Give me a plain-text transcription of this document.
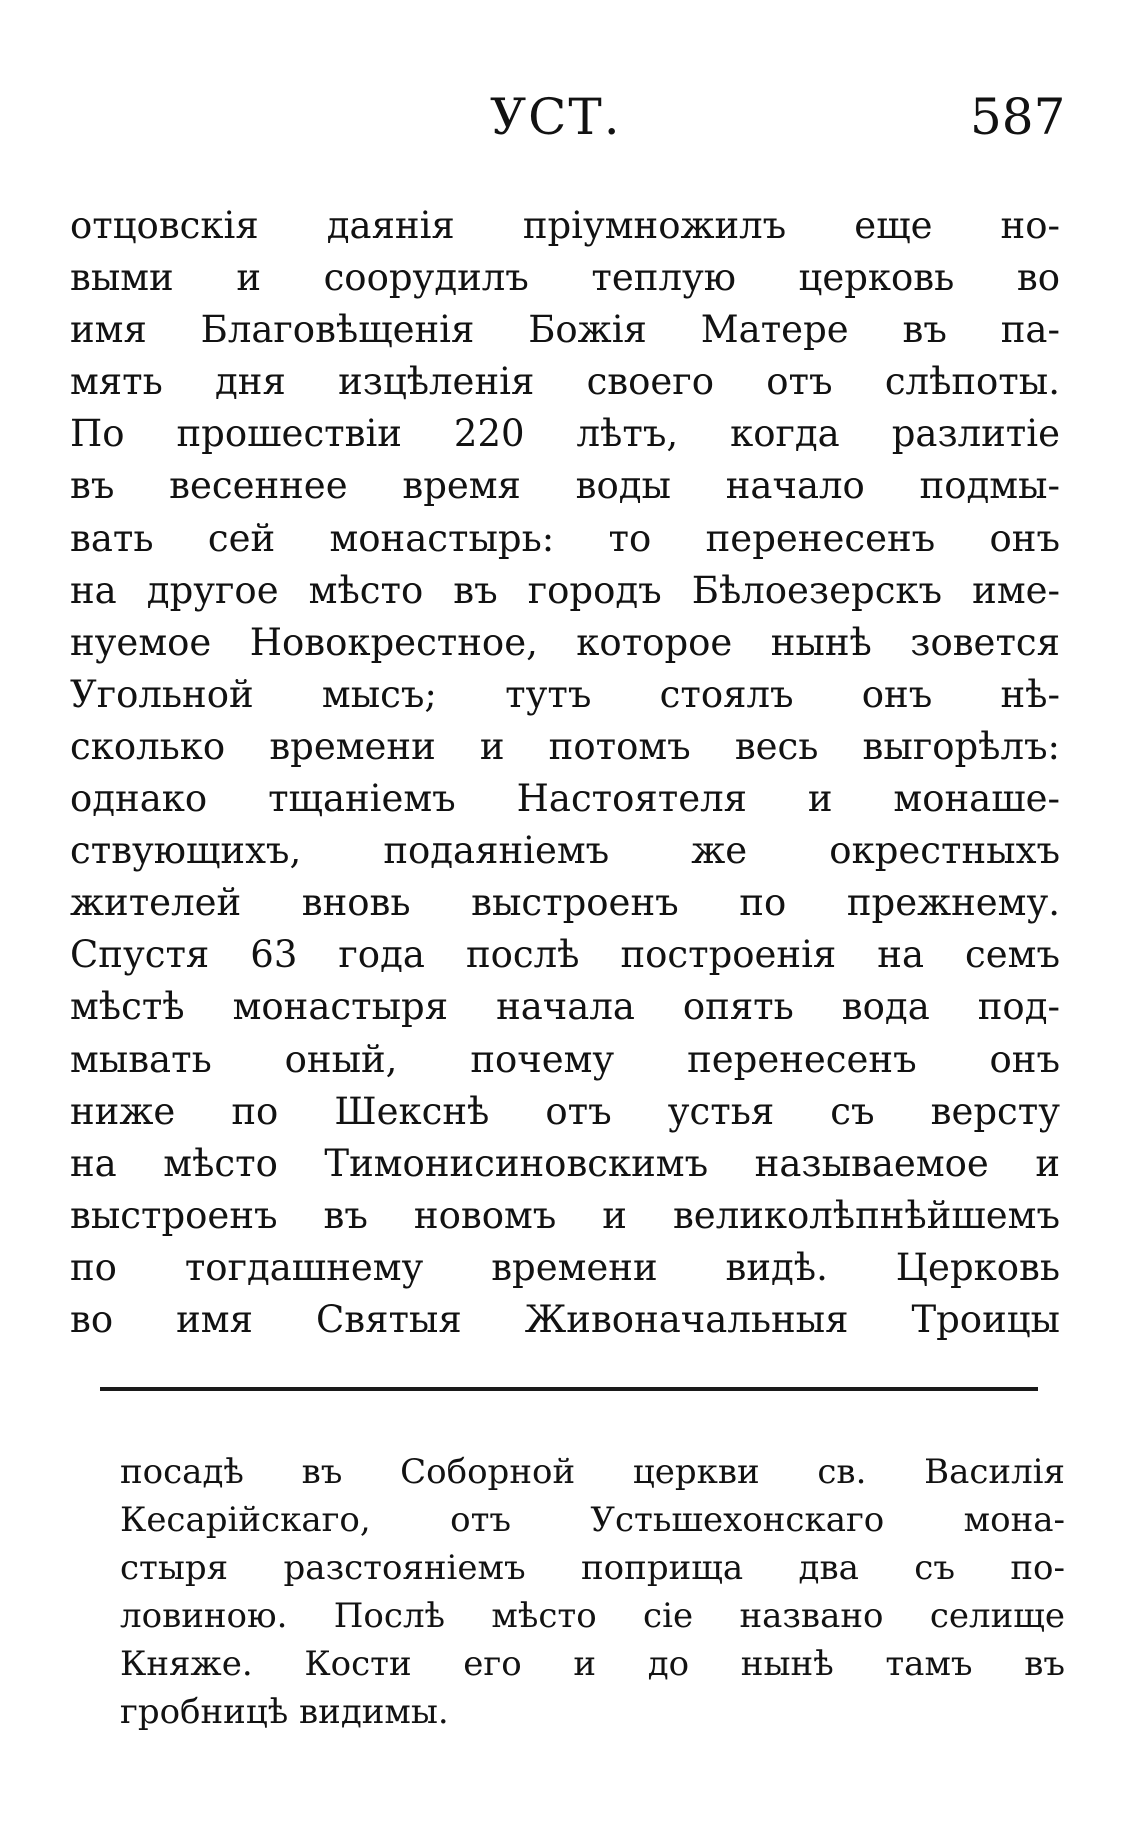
УСТ.	587
отцовскія даянія пріумножилъ еще но-
выми и соорудилъ теплую церковь во
имя Благовѣщенія Божія Матере въ па-
мять дня изцѣленія своего отъ слѣпоты.
По прошествіи 220 лѣтъ, когда разлитіе
въ весеннее время воды начало подмы-
вать сей монастырь: то перенесенъ онъ
на другое мѣсто въ городъ Бѣлоезерскъ име-
нуемое Новокрестное, которое нынѣ зовется
Угольной мысъ; тутъ стоялъ онъ нѣ-
сколько времени и потомъ весь выгорѣлъ:
однако тщаніемъ Настоятеля и монаше-
ствующихъ, подаяніемъ же окрестныхъ
жителей вновь выстроенъ по прежнему.
Спустя 63 года послѣ построенія на семъ
мѣстѣ монастыря начала опять вода под-
мывать оный, почему перенесенъ онъ
ниже по Шекснѣ отъ устья съ версту
на мѣсто Тимонисиновскимъ называемое и
выстроенъ въ новомъ и великолѣпнѣйшемъ
по тогдашнему времени видѣ. Церковь
во имя Святыя Живоначальныя Троицы
посадѣ въ Соборной церкви св. Василія
Кесарійскаго, отъ Устьшехонскаго мона-
стыря разстояніемъ поприща два съ по-
ловиною. Послѣ мѣсто сіе названо селище
Княже. Кости его и до нынѣ тамъ въ
гробницѣ видимы.
